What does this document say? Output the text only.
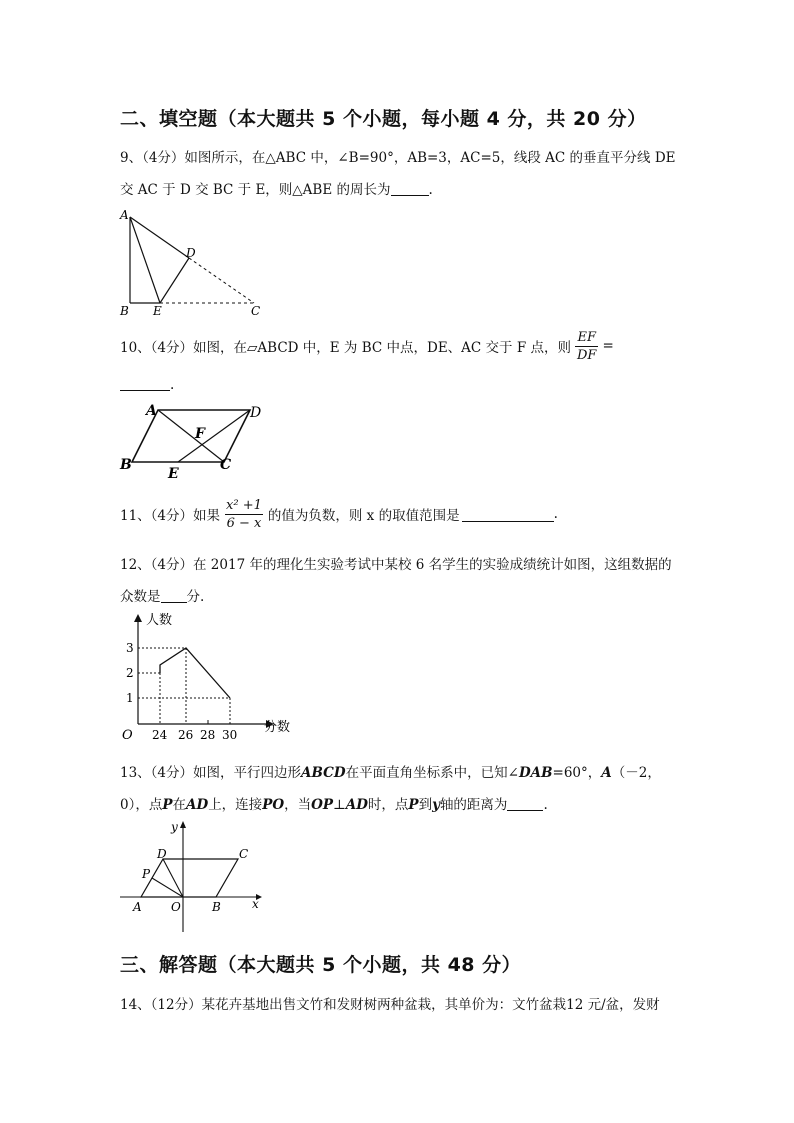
二、填空题（本大题共 5 个小题，每小题 4 分，共 20 分）
9、（4分）如图所示，在△ABC 中，∠B=90°，AB=3，AC=5，线段 AC 的垂直平分线 DE
交 AC 于 D 交 BC 于 E，则△ABE 的周长为	.
A
B E
D
C
10、（4分）如图，在▱ABCD 中，E 为 BC 中点，DE、AC 交于 F 点，则 $\frac{EF}{DF}$ =
.
A	D
B
E
C
F
11、（4分）如果 $\frac{\text{x² +1}}{6 - x}$ 的值为负数，则 x 的取值范围是	.
12、（4分）在 2017 年的理化生实验考试中某校 6 名学生的实验成绩统计如图，这组数据的
众数是 分.
人数
分数
O
1
2
3
24 26 28 30
13、（4分）如图，平行四边形ABCD在平面直角坐标系中，已知∠DAB=60°，A（－2，
0），点P在AD上，连接PO，当OP⊥AD时，点P到y轴的距离为	.
y
x
D	C
P
A O	B
三、解答题（本大题共 5 个小题，共 48 分）
14、（12分）某花卉基地出售文竹和发财树两种盆栽，其单价为：文竹盆栽12 元/盆，发财
